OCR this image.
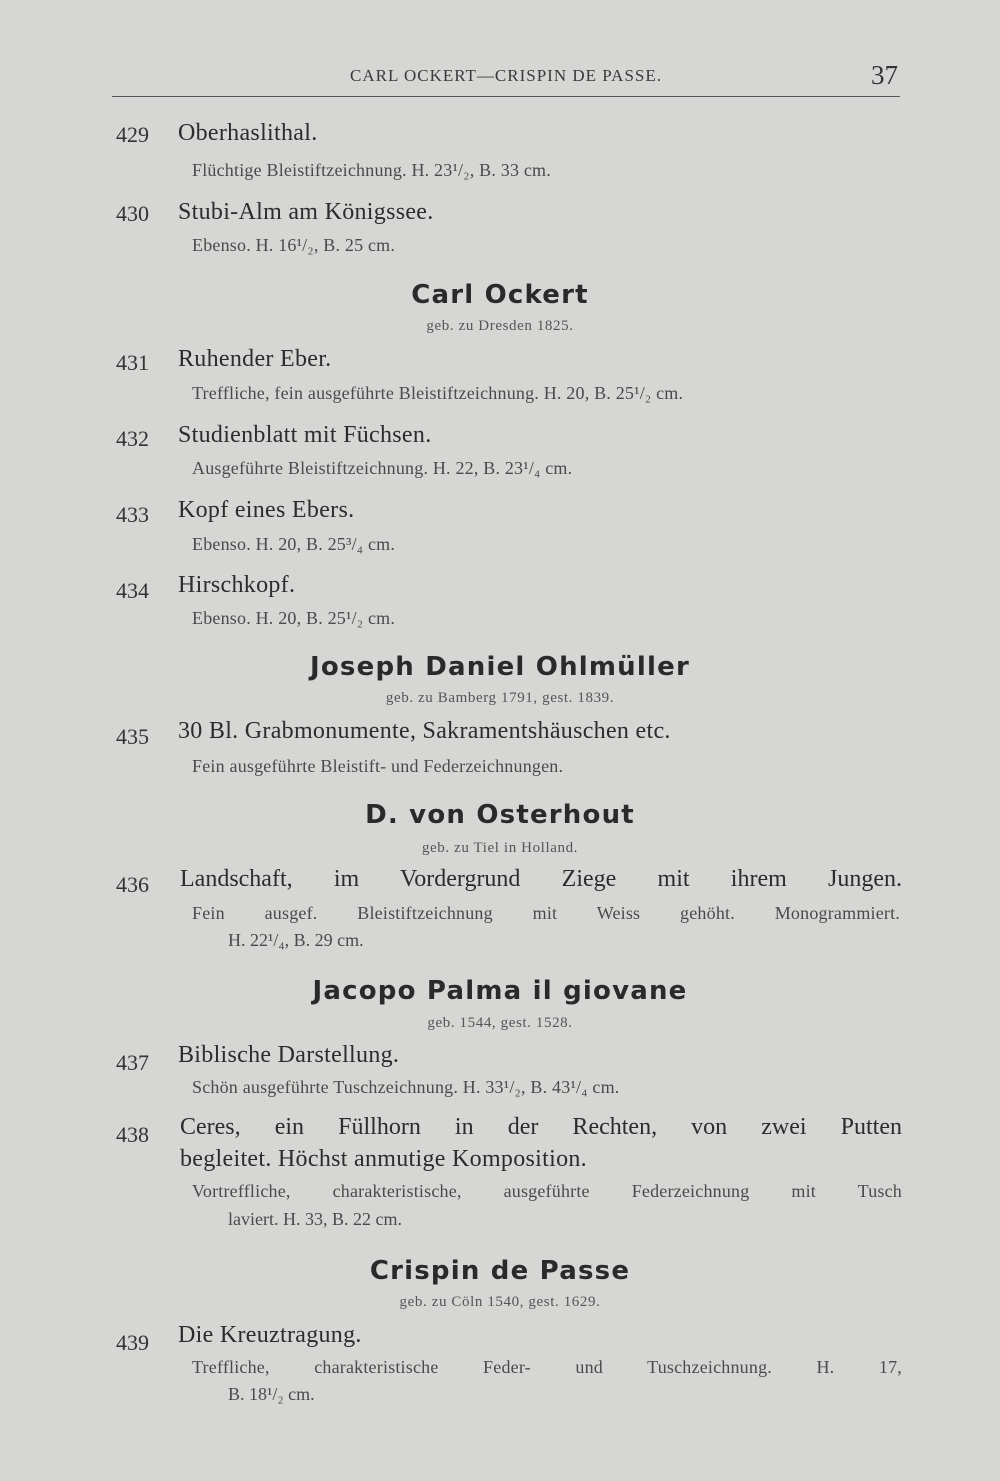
CARL OCKERT—CRISPIN DE PASSE.	37
429 Oberhaslithal.
Flüchtige Bleistiftzeichnung. H. 23¹/₂, B. 33 cm.
430 Stubi-Alm am Königssee.
Ebenso. H. 16¹/₂, B. 25 cm.
Carl Ockert
geb. zu Dresden 1825.
431 Ruhender Eber.
Treffliche, fein ausgeführte Bleistiftzeichnung. H. 20, B. 25¹/₂ cm.
432 Studienblatt mit Füchsen.
Ausgeführte Bleistiftzeichnung. H. 22, B. 23¹/₄ cm.
433 Kopf eines Ebers.
Ebenso. H. 20, B. 25³/₄ cm.
434 Hirschkopf.
Ebenso. H. 20, B. 25¹/₂ cm.
Joseph Daniel Ohlmüller
geb. zu Bamberg 1791, gest. 1839.
435 30 Bl. Grabmonumente, Sakramentshäuschen etc.
Fein ausgeführte Bleistift- und Federzeichnungen.
D. von Osterhout
geb. zu Tiel in Holland.
436 Landschaft, im Vordergrund Ziege mit ihrem Jungen.
Fein ausgef. Bleistiftzeichnung mit Weiss gehöht. Monogrammiert.
H. 22¹/₄, B. 29 cm.
Jacopo Palma il giovane
geb. 1544, gest. 1528.
437 Biblische Darstellung.
Schön ausgeführte Tuschzeichnung. H. 33¹/₂, B. 43¹/₄ cm.
438 Ceres, ein Füllhorn in der Rechten, von zwei Putten
begleitet. Höchst anmutige Komposition.
Vortreffliche, charakteristische, ausgeführte Federzeichnung mit Tusch
laviert. H. 33, B. 22 cm.
Crispin de Passe
geb. zu Cöln 1540, gest. 1629.
439 Die Kreuztragung.
Treffliche, charakteristische Feder- und Tuschzeichnung. H. 17,
B. 18¹/₂ cm.
